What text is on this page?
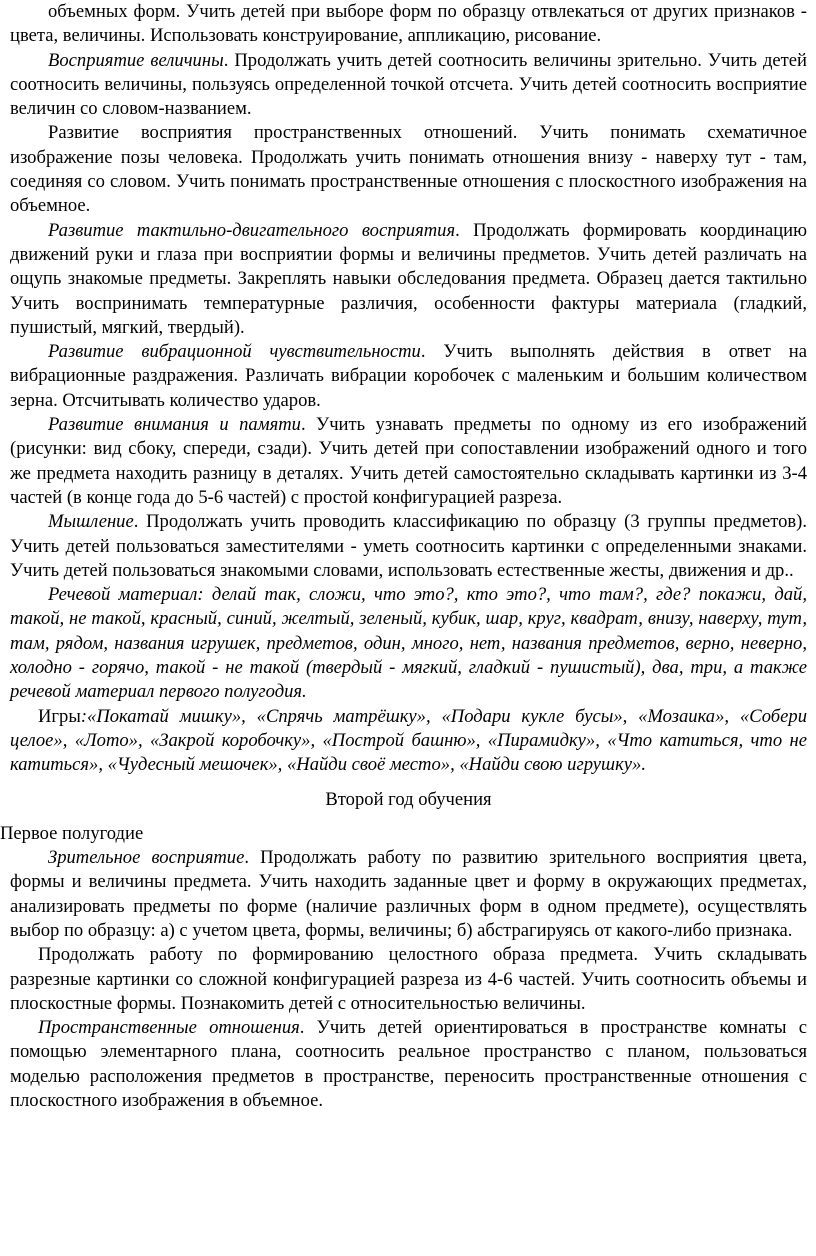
объемных форм. Учить детей при выборе форм по образцу отвлекаться от других признаков - цвета, величины. Использовать конструирование, аппликацию, рисование.

Восприятие величины. Продолжать учить детей соотносить величины зрительно. Учить детей соотносить величины, пользуясь определенной точкой отсчета. Учить детей соотносить восприятие величин со словом-названием.

Развитие восприятия пространственных отношений. Учить понимать схематичное изображение позы человека. Продолжать учить понимать отношения внизу - наверху тут - там, соединяя со словом. Учить понимать пространственные отношения с плоскостного изображения на объемное.

Развитие тактильно-двигательного восприятия. Продолжать формировать координацию движений руки и глаза при восприятии формы и величины предметов. Учить детей различать на ощупь знакомые предметы. Закреплять навыки обследования предмета. Образец дается тактильно Учить воспринимать температурные различия, особенности фактуры материала (гладкий, пушистый, мягкий, твердый).

Развитие вибрационной чувствительности. Учить выполнять действия в ответ на вибрационные раздражения. Различать вибрации коробочек с маленьким и большим количеством зерна. Отсчитывать количество ударов.

Развитие внимания и памяти. Учить узнавать предметы по одному из его изображений (рисунки: вид сбоку, спереди, сзади). Учить детей при сопоставлении изображений одного и того же предмета находить разницу в деталях. Учить детей самостоятельно складывать картинки из 3-4 частей (в конце года до 5-6 частей) с простой конфигурацией разреза.

Мышление. Продолжать учить проводить классификацию по образцу (3 группы предметов). Учить детей пользоваться заместителями - уметь соотносить картинки с определенными знаками. Учить детей пользоваться знакомыми словами, использовать естественные жесты, движения и др..

Речевой материал: делай так, сложи, что это?, кто это?, что там?, где? покажи, дай, такой, не такой, красный, синий, желтый, зеленый, кубик, шар, круг, квадрат, внизу, наверху, тут, там, рядом, названия игрушек, предметов, один, много, нет, названия предметов, верно, неверно, холодно - горячо, такой - не такой (твердый - мягкий, гладкий - пушистый), два, три, а также речевой материал первого полугодия.

Игры:«Покатай мишку», «Спрячь матрёшку», «Подари кукле бусы», «Мозаика», «Собери целое», «Лото», «Закрой коробочку», «Построй башню», «Пирамидку», «Что катиться, что не катиться», «Чудесный мешочек», «Найди своё место», «Найди свою игрушку».

Второй год обучения

Первое полугодие

Зрительное восприятие. Продолжать работу по развитию зрительного восприятия цвета, формы и величины предмета. Учить находить заданные цвет и форму в окружающих предметах, анализировать предметы по форме (наличие различных форм в одном предмете), осуществлять выбор по образцу: а) с учетом цвета, формы, величины; б) абстрагируясь от какого-либо признака.

Продолжать работу по формированию целостного образа предмета. Учить складывать разрезные картинки со сложной конфигурацией разреза из 4-6 частей. Учить соотносить объемы и плоскостные формы. Познакомить детей с относительностью величины.

Пространственные отношения. Учить детей ориентироваться в пространстве комнаты с помощью элементарного плана, соотносить реальное пространство с планом, пользоваться моделью расположения предметов в пространстве, переносить пространственные отношения с плоскостного изображения в объемное.
